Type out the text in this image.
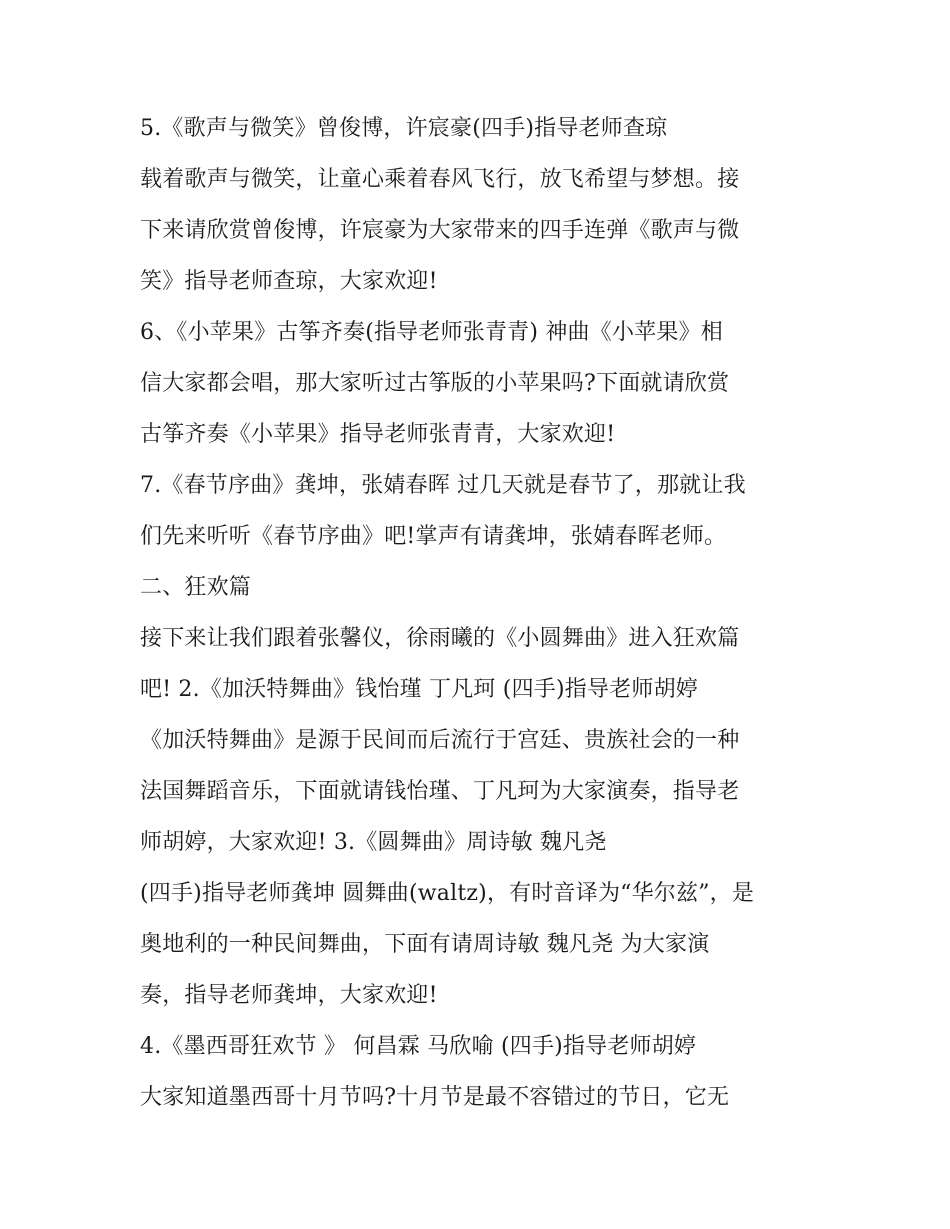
5.《歌声与微笑》曾俊博，许宸豪(四手)指导老师查琼
载着歌声与微笑，让童心乘着春风飞行，放飞希望与梦想。接
下来请欣赏曾俊博，许宸豪为大家带来的四手连弹《歌声与微
笑》指导老师查琼，大家欢迎!
6、《小苹果》古筝齐奏(指导老师张青青) 神曲《小苹果》相
信大家都会唱，那大家听过古筝版的小苹果吗?下面就请欣赏
古筝齐奏《小苹果》指导老师张青青，大家欢迎!
7.《春节序曲》龚坤，张婧春晖 过几天就是春节了，那就让我
们先来听听《春节序曲》吧!掌声有请龚坤，张婧春晖老师。
二、狂欢篇
接下来让我们跟着张馨仪，徐雨曦的《小圆舞曲》进入狂欢篇
吧! 2.《加沃特舞曲》钱怡瑾 丁凡珂 (四手)指导老师胡婷
《加沃特舞曲》是源于民间而后流行于宫廷、贵族社会的一种
法国舞蹈音乐，下面就请钱怡瑾、丁凡珂为大家演奏，指导老
师胡婷，大家欢迎! 3.《圆舞曲》周诗敏 魏凡尧
(四手)指导老师龚坤 圆舞曲(waltz)，有时音译为“华尔兹”，是
奥地利的一种民间舞曲，下面有请周诗敏 魏凡尧 为大家演
奏，指导老师龚坤，大家欢迎!
4.《墨西哥狂欢节 》 何昌霖 马欣喻 (四手)指导老师胡婷
大家知道墨西哥十月节吗?十月节是最不容错过的节日，它无
